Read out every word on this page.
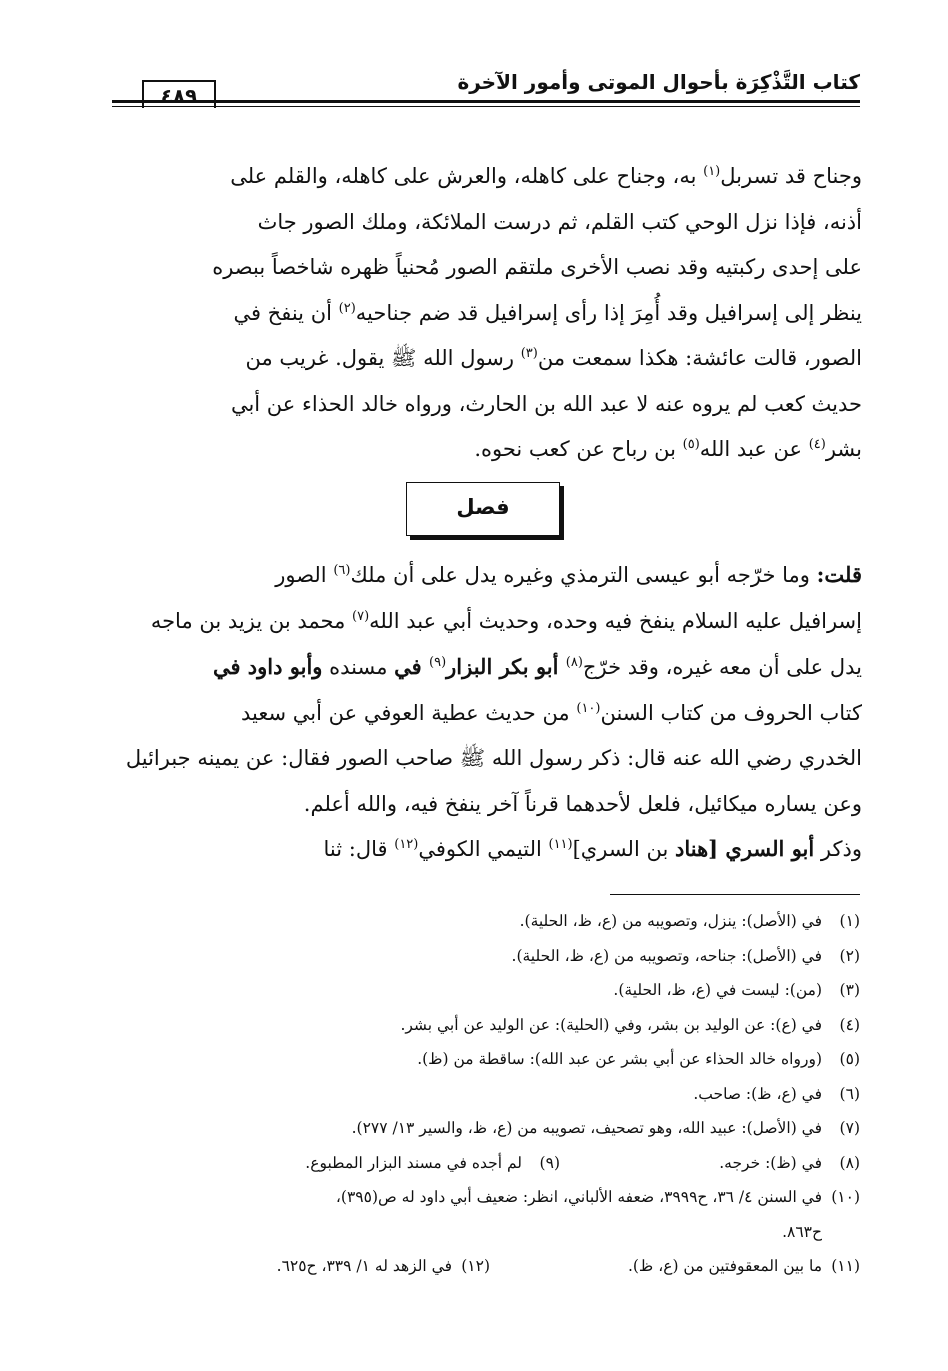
كتاب التَّذْكِرَة بأحوال الموتى وأمور الآخرة
٤٨٩

وجناح قد تسربل$^{(١)}$ به، وجناح على كاهله، والعرش على كاهله، والقلم على

أذنه، فإذا نزل الوحي كتب القلم، ثم درست الملائكة، وملك الصور جاث

على إحدى ركبتيه وقد نصب الأخرى ملتقم الصور مُحنياً ظهره شاخصاً ببصره

ينظر إلى إسرافيل وقد أُمِرَ إذا رأى إسرافيل قد ضم جناحيه$^{(٢)}$ أن ينفخ في

الصور، قالت عائشة: هكذا سمعت من$^{(٣)}$ رسول الله ﷺ يقول. غريب من

حديث كعب لم يروه عنه لا عبد الله بن الحارث، ورواه خالد الحذاء عن أبي

بشر$^{(٤)}$ عن عبد الله$^{(٥)}$ بن رباح عن كعب نحوه.

فصل

قلت: وما خرّجه أبو عيسى الترمذي وغيره يدل على أن ملك$^{(٦)}$ الصور

إسرافيل عليه السلام ينفخ فيه وحده، وحديث أبي عبد الله$^{(٧)}$ محمد بن يزيد بن ماجه

يدل على أن معه غيره، وقد خرّج$^{(٨)}$ أبو بكر البزار$^{(٩)}$ في مسنده وأبو داود في

كتاب الحروف من كتاب السنن$^{(١٠)}$ من حديث عطية العوفي عن أبي سعيد

الخدري رضي الله عنه قال: ذكر رسول الله ﷺ صاحب الصور فقال: عن يمينه جبرائيل

وعن يساره ميكائيل، فلعل لأحدهما قرناً آخر ينفخ فيه، والله أعلم.

وذكر أبو السري [هناد بن السري]$^{(١١)}$ التيمي الكوفي$^{(١٢)}$ قال: ثنا

(١)في (الأصل): ينزل، وتصويبه من (ع، ظ، الحلية).
(٢)في (الأصل): جناحه، وتصويبه من (ع، ظ، الحلية).
(٣)(من): ليست في (ع، ظ، الحلية).
(٤)في (ع): عن الوليد بن بشر، وفي (الحلية): عن الوليد عن أبي بشر.
(٥)(ورواه خالد الحذاء عن أبي بشر عن عبد الله): ساقطة من (ظ).
(٦)في (ع، ظ): صاحب.
(٧)في (الأصل): عبيد الله، وهو تصحيف، تصويبه من (ع، ظ، والسير ١٣/ ٢٧٧).
(٨)في (ظ): خرجه.
(٩)لم أجده في مسند البزار المطبوع.
(١٠)في السنن ٤/ ٣٦، ح٣٩٩٩، ضعفه الألباني، انظر: ضعيف أبي داود له ص(٣٩٥)،
ح٨٦٣.
(١١)ما بين المعقوفتين من (ع، ظ).
(١٢)في الزهد له ١/ ٣٣٩، ح٦٢٥.
